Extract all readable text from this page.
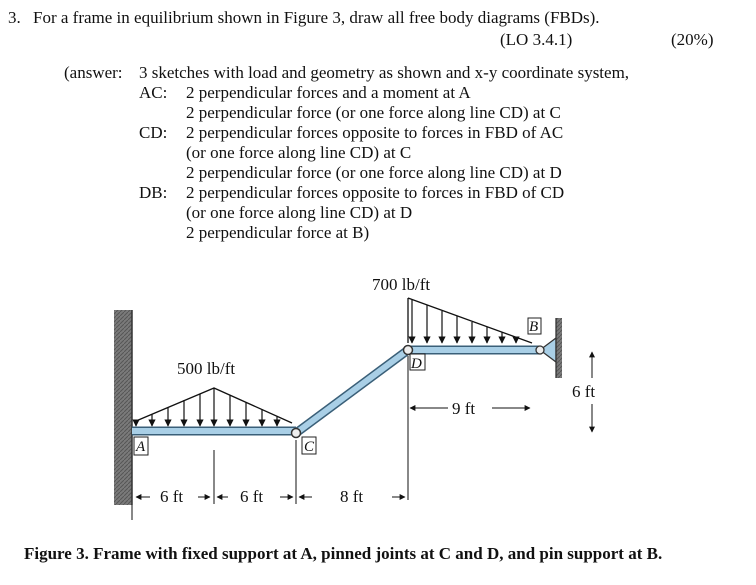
3. For a frame in equilibrium shown in Figure 3, draw all free body diagrams (FBDs).
(LO 3.4.1)	(20%)
(answer: 3 sketches with load and geometry as shown and x-y coordinate system,
AC: 2 perpendicular forces and a moment at A
2 perpendicular force (or one force along line CD) at C
CD: 2 perpendicular forces opposite to forces in FBD of AC
(or one force along line CD) at C
2 perpendicular force (or one force along line CD) at D
DB: 2 perpendicular forces opposite to forces in FBD of CD
(or one force along line CD) at D
2 perpendicular force at B)
500 lb/ft
700 lb/ft
A
B
C
D
9 ft
6 ft
6 ft	6 ft	8 ft
Figure 3. Frame with fixed support at A, pinned joints at C and D, and pin support at B.
